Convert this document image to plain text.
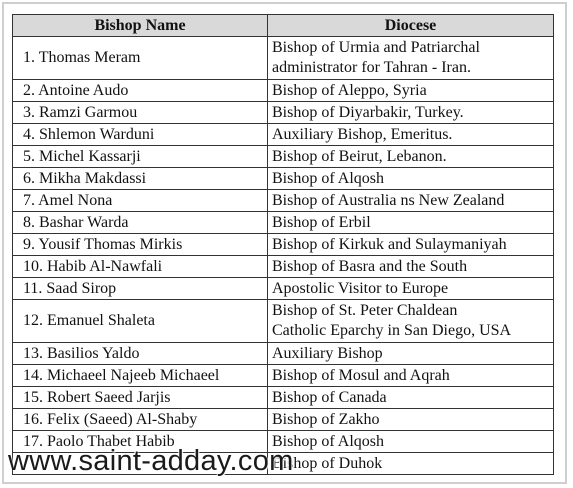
Bishop Name	Diocese
1. Thomas Meram	Bishop of Urmia and Patriarchal
administrator for Tahran - Iran.

2. Antoine Audo	Bishop of Aleppo, Syria

3. Ramzi Garmou	Bishop of Diyarbakir, Turkey.

4. Shlemon Warduni	Auxiliary Bishop, Emeritus.

5. Michel Kassarji	Bishop of Beirut, Lebanon.

6. Mikha Makdassi	Bishop of Alqosh

7. Amel Nona	Bishop of Australia ns New Zealand

8. Bashar Warda	Bishop of Erbil

9. Yousif Thomas Mirkis	Bishop of Kirkuk and Sulaymaniyah

10. Habib Al-Nawfali	Bishop of Basra and the South

11. Saad Sirop	Apostolic Visitor to Europe

12. Emanuel Shaleta	Bishop of St. Peter Chaldean
Catholic Eparchy in San Diego, USA

13. Basilios Yaldo	Auxiliary Bishop

14. Michaeel Najeeb Michaeel	Bishop of Mosul and Aqrah

15. Robert Saeed Jarjis	Bishop of Canada

16. Felix (Saeed) Al-Shaby	Bishop of Zakho

17. Paolo Thabet Habib	Bishop of Alqosh

	Bishop of Duhok
www.saint-adday.com
